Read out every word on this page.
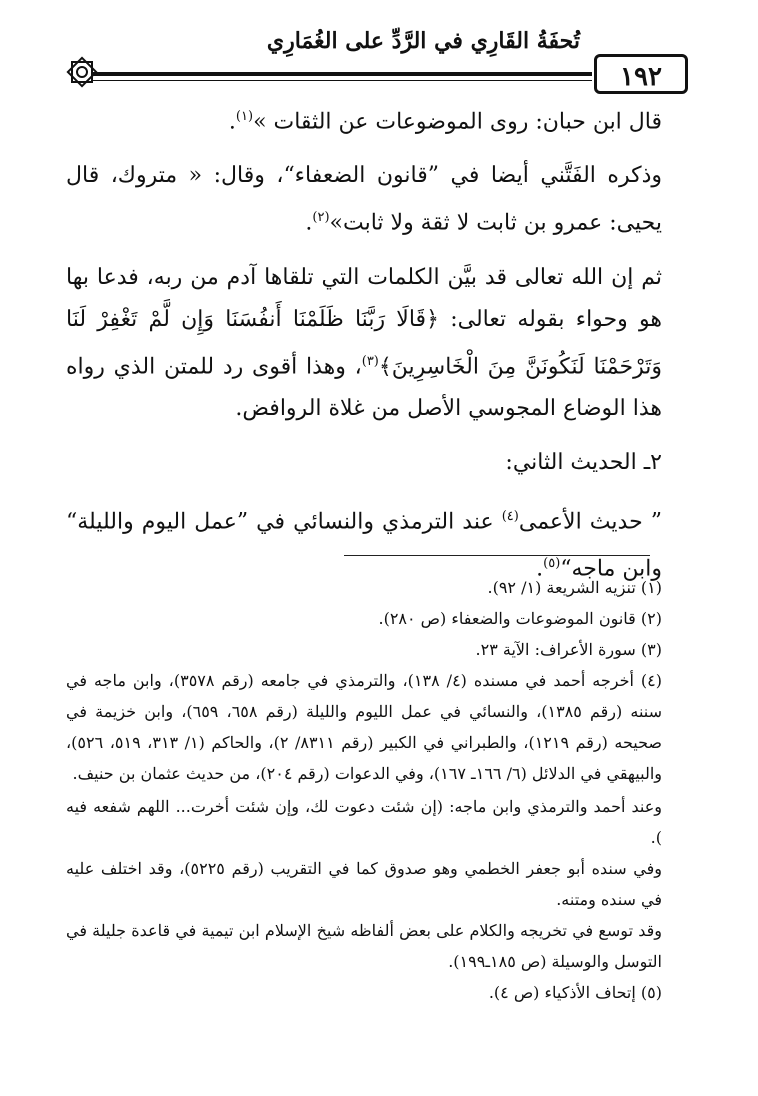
تُحفَةُ القَارِي في الرَّدِّ على الغُمَارِي
١٩٢

قال ابن حبان: روى الموضوعات عن الثقات »$^{(١)}$.

وذكره الفَتَّني أيضا في ”قانون الضعفاء“، وقال: « متروك، قال يحيى: عمرو بن ثابت لا ثقة ولا ثابت»$^{(٢)}$.

ثم إن الله تعالى قد بيَّن الكلمات التي تلقاها آدم من ربه، فدعا بها هو وحواء بقوله تعالى: ﴿قَالَا رَبَّنَا ظَلَمْنَا أَنفُسَنَا وَإِن لَّمْ تَغْفِرْ لَنَا وَتَرْحَمْنَا لَنَكُونَنَّ مِنَ الْخَاسِرِينَ﴾$^{(٣)}$، وهذا أقوى رد للمتن الذي رواه هذا الوضاع المجوسي الأصل من غلاة الروافض.

٢ـ الحديث الثاني:

” حديث الأعمى$^{(٤)}$ عند الترمذي والنسائي في ”عمل اليوم والليلة“ وابن ماجه“$^{(٥)}$.

(١) تنزيه الشريعة (١/ ٩٢).

(٢) قانون الموضوعات والضعفاء (ص ٢٨٠).

(٣) سورة الأعراف: الآية ٢٣.

(٤) أخرجه أحمد في مسنده (٤/ ١٣٨)، والترمذي في جامعه (رقم ٣٥٧٨)، وابن ماجه في سننه (رقم ١٣٨٥)، والنسائي في عمل الليوم والليلة (رقم ٦٥٨، ٦٥٩)، وابن خزيمة في صحيحه (رقم ١٢١٩)، والطبراني في الكبير (رقم ٨٣١١/ ٢)، والحاكم (١/ ٣١٣، ٥١٩، ٥٢٦)، والبيهقي في الدلائل (٦/ ١٦٦ـ ١٦٧)، وفي الدعوات (رقم ٢٠٤)، من حديث عثمان بن حنيف.

وعند أحمد والترمذي وابن ماجه: (إن شئت دعوت لك، وإن شئت أخرت... اللهم شفعه فيه ).

وفي سنده أبو جعفر الخطمي وهو صدوق كما في التقريب (رقم ٥٢٢٥)، وقد اختلف عليه في سنده ومتنه.

وقد توسع في تخريجه والكلام على بعض ألفاظه شيخ الإسلام ابن تيمية في قاعدة جليلة في التوسل والوسيلة (ص ١٨٥ـ١٩٩).

(٥) إتحاف الأذكياء (ص ٤).
